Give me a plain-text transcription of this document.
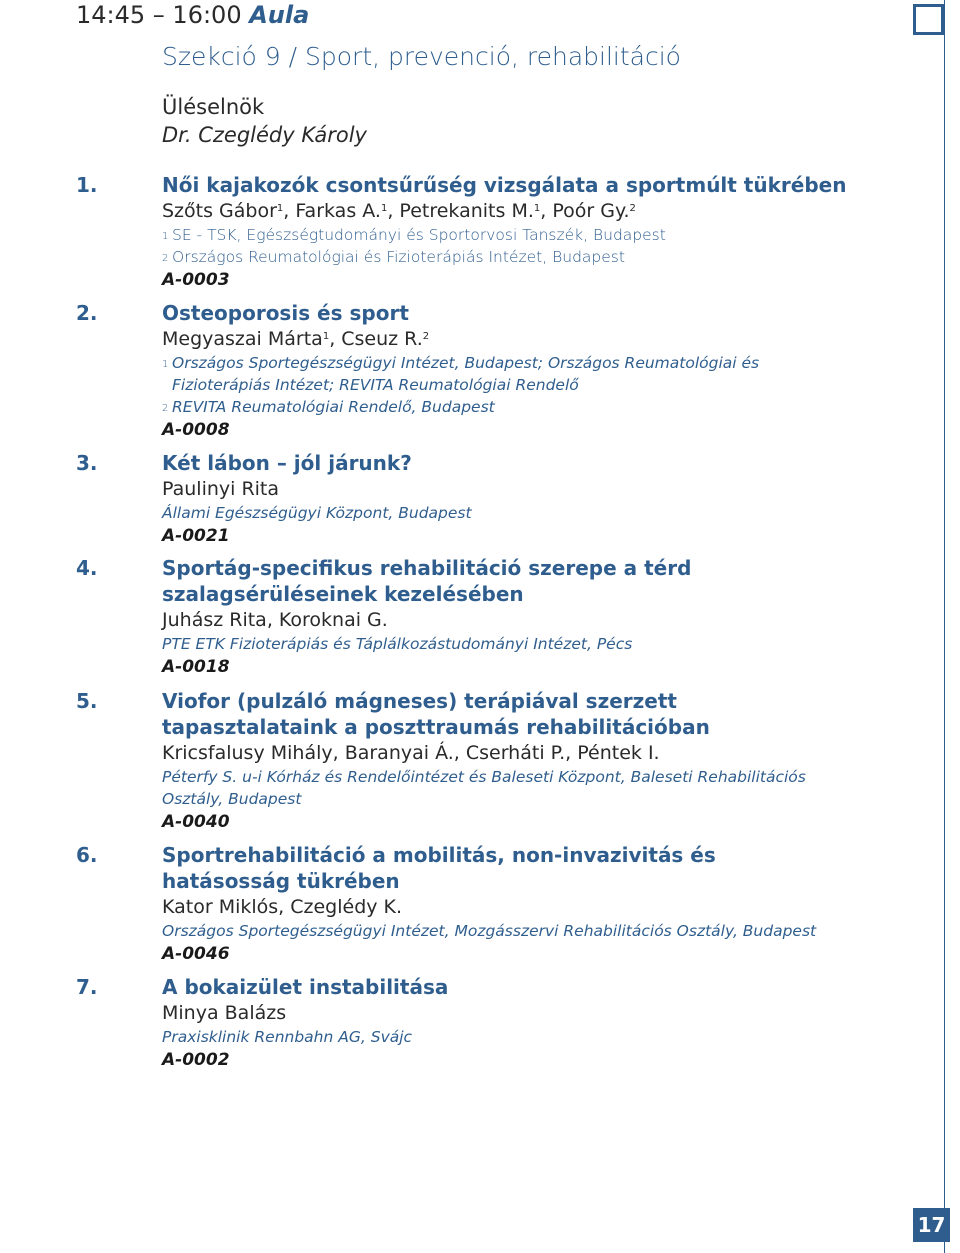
17
14:45 – 16:00 Aula
Szekció 9 / Sport, prevenció, rehabilitáció
Üléselnök
Dr. Czeglédy Károly
1.	Női kajakozók csontsűrűség vizsgálata a sportmúlt tükrében
Szőts Gábor$^1$, Farkas A.$^1$, Petrekanits M.$^1$, Poór Gy.$^2$
1 SE - TSK, Egészségtudományi és Sportorvosi Tanszék, Budapest
2 Országos Reumatológiai és Fizioterápiás Intézet, Budapest
A-0003
2.	Osteoporosis és sport
Megyaszai Márta$^1$, Cseuz R.$^2$
1 Országos Sportegészségügyi Intézet, Budapest; Országos Reumatológiai és Fizioterápiás Intézet; REVITA Reumatológiai Rendelő
2 REVITA Reumatológiai Rendelő, Budapest
A-0008
3.	Két lábon – jól járunk?
Paulinyi Rita
Állami Egészségügyi Központ, Budapest
A-0021
4.	Sportág-specifikus rehabilitáció szerepe a térd szalagsérüléseinek kezelésében
Juhász Rita, Koroknai G.
PTE ETK Fizioterápiás és Táplálkozástudományi Intézet, Pécs
A-0018
5.	Viofor (pulzáló mágneses) terápiával szerzett tapasztalataink a poszttraumás rehabilitációban
Kricsfalusy Mihály, Baranyai Á., Cserháti P., Péntek I.
Péterfy S. u-i Kórház és Rendelőintézet és Baleseti Központ, Baleseti Rehabilitációs Osztály, Budapest
A-0040
6.	Sportrehabilitáció a mobilitás, non-invazivitás és hatásosság tükrében
Kator Miklós, Czeglédy K.
Országos Sportegészségügyi Intézet, Mozgásszervi Rehabilitációs Osztály, Budapest
A-0046
7.	A bokaizület instabilitása
Minya Balázs
Praxisklinik Rennbahn AG, Svájc
A-0002
